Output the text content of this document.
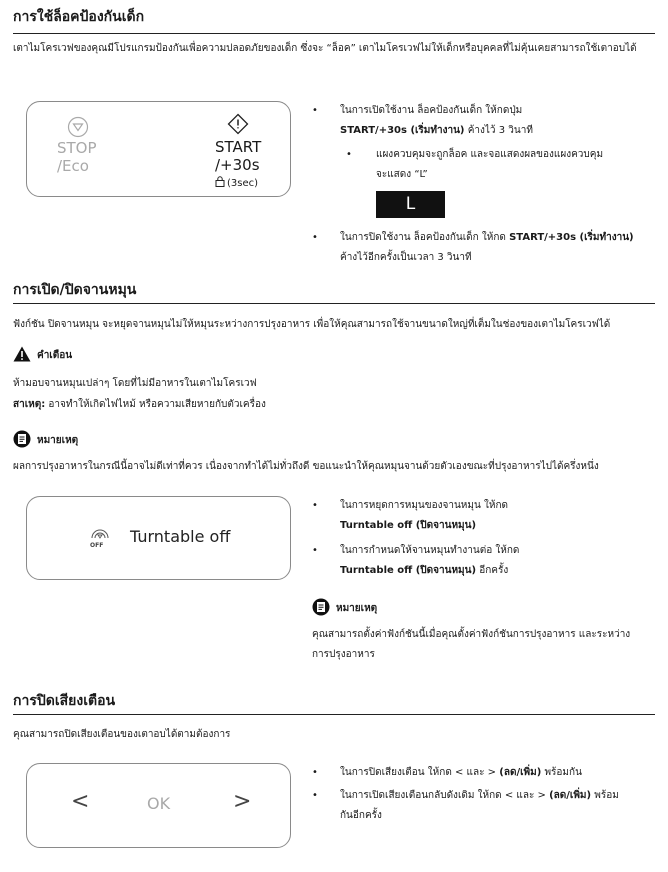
การใช้ล็อคป้องกันเด็ก
เตาไมโครเวฟของคุณมีโปรแกรมป้องกันเพื่อความปลอดภัยของเด็ก ซึ่งจะ “ล็อค” เตาไมโครเวฟไม่ให้เด็กหรือบุคคลที่ไม่คุ้นเคยสามารถใช้เตาอบได้
STOP
/Eco
START
/+30s
(3sec)
• ในการเปิดใช้งาน ล็อคป้องกันเด็ก ให้กดปุ่ม
START/+30s (เริ่มทำงาน) ค้างไว้ 3 วินาที
• แผงควบคุมจะถูกล็อค และจอแสดงผลของแผงควบคุม
จะแสดง “L”
L
• ในการปิดใช้งาน ล็อคป้องกันเด็ก ให้กด START/+30s (เริ่มทำงาน)
ค้างไว้อีกครั้งเป็นเวลา 3 วินาที
การเปิด/ปิดจานหมุน
ฟังก์ชัน ปิดจานหมุน จะหยุดจานหมุนไม่ให้หมุนระหว่างการปรุงอาหาร เพื่อให้คุณสามารถใช้จานขนาดใหญ่ที่เต็มในช่องของเตาไมโครเวฟได้
คำเตือน
ห้ามอบจานหมุนเปล่าๆ โดยที่ไม่มีอาหารในเตาไมโครเวฟ
สาเหตุ: อาจทำให้เกิดไฟไหม้ หรือความเสียหายกับตัวเครื่อง
หมายเหตุ
ผลการปรุงอาหารในกรณีนี้อาจไม่ดีเท่าที่ควร เนื่องจากทำได้ไม่ทั่วถึงดี ขอแนะนำให้คุณหมุนจานด้วยตัวเองขณะที่ปรุงอาหารไปได้ครึ่งหนึ่ง
OFF Turntable off
• ในการหยุดการหมุนของจานหมุน ให้กด
Turntable off (ปิดจานหมุน)
• ในการกำหนดให้จานหมุนทำงานต่อ ให้กด
Turntable off (ปิดจานหมุน) อีกครั้ง
หมายเหตุ
คุณสามารถตั้งค่าฟังก์ชันนี้เมื่อคุณตั้งค่าฟังก์ชันการปรุงอาหาร และระหว่าง
การปรุงอาหาร
การปิดเสียงเตือน
คุณสามารถปิดเสียงเตือนของเตาอบได้ตามต้องการ
<	OK	>
• ในการปิดเสียงเตือน ให้กด < และ > (ลด/เพิ่ม) พร้อมกัน
• ในการเปิดเสียงเตือนกลับดังเดิม ให้กด < และ > (ลด/เพิ่ม) พร้อม
กันอีกครั้ง
